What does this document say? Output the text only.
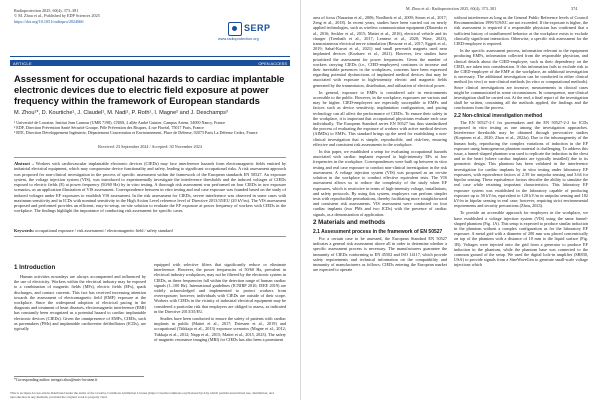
Radioprotection 2025, 60(4), 373–381
© M. Zhou et al., Published by EDP Sciences 2025
https://doi.org/10.1051/radiopro/2024666
SERP
www.radioprotection.org
ARTICLE	OPEN ACCESS
Assessment for occupational hazards to cardiac implantable electronic devices due to electric field exposure at power frequency within the framework of European standards
M. Zhou¹*, D. Kourtiche¹, J. Claudel¹, M. Nadi¹, P. Roth¹, I. Magne² and J. Deschamps³
¹ Université de Lorraine, Institut Jean Lamour (UMR 7198), CNRS, 2 allée André Guinier, Campus Artem, 54000 Nancy, France
² EDF, Direction Prévention Santé Sécurité Groupe, Pôle Prévention des Risques, 4 rue Floréal, 75017 Paris, France
³ RTE, Direction Développement Ingénierie, Département Concertation et Environnement, Place de Défense, 92073 Paris La Défense Cedex, France
Received: 23 September 2024 / Accepted: 30 November 2024
Abstract – Workers with cardiovascular implantable electronic devices (CIEDs) may face interference hazards from electromagnetic fields emitted by industrial electrical equipment, which may compromise device functionality and safety, leading to significant occupational risks. A risk assessment approach was proposed for non-clinical investigation in the process of specific assessment within the framework of the European standards EN 50527. An exposure system, the voltage injection system (VIS), was introduced to experimentally investigate the interference thresholds and the induced voltages of CIEDs exposed to electric fields (E) at power frequency (50/60 Hz) by in vitro testing. A thorough risk assessment was performed on four CIEDs in two exposure scenarios, as an application illustration of VIS assessment. Correspondence between in vitro testing and real case exposure was founded based on the study of induced voltages under EF exposures to establish VIS assessment. In the risk assessment for CIEDs, severe interference was observed in some cases with maximum sensitivity and in ICDs with nominal sensitivity in the High Action Level reference level of Directive 2013/35/EU (20 kV/m). The VIS assessment proposed and performed provides an efficient, easy-to-setup, on-site solution to evaluate the EF exposure at power frequency of workers with CIEDs in the workplace. The findings highlight the importance of conducting risk assessment for specific cases.
Keywords: occupational exposure / risk assessment / electromagnetic field / safety standard
1 Introduction

Human activities nowadays are always accompanied and influenced by the use of electricity. Workers within the electrical industry may be exposed to a combination of magnetic fields (MFs), electric fields (EFs), spark discharges, and contact currents. This fact has received increasing attention towards the assessment of electromagnetic field (EMF) exposure at the workplace. Since the widespread adoption of electrical pacing in the diagnosis and treatment of heart diseases, electromagnetic interference (EMI) has constantly been recognized as a potential hazard to cardiac implantable electronic devices (CIEDs). Given the omnipresence of EMFs, CIEDs, such as pacemakers (PMs) and implantable cardioverter defibrillators (ICDs), are typically

equipped with selective filters that significantly reduce or eliminate interference. However, the power frequencies of 50/60 Hz, prevalent in electrical industry workplaces, may not be filtered by the electronic system in CIEDs, as these frequencies fall within the detection range of human cardiac signals (1–100 Hz). International guidelines (ICNIRP 2010; IEEE 2019) are widely acknowledged and implemented to protect workers from overexposure; however, individuals with CIEDs are outside of their scope. Workers with CIEDs in the vicinity of industrial electrical equipment may be considered a particular risk that employers are obliged to assess, as indicated in the Directive 2013/35/EU.

Studies have been conducted to ensure the safety of patients with cardiac implants in public (Mattei et al., 2017; Driessen et al., 2019) and occupational (Tiikkaja et al., 2013) exposure scenarios (Magne et al., 2012; Tiikkaja et al., 2012; Napp et al., 2015; Mattei et al., 2015, 2023). The safety of magnetic resonance imaging (MRI) for CIEDs has also been a prominent

*Corresponding author: mengxi.zhou@univ-lorraine.fr
This is an Open Access article distributed under the terms of the Creative Commons Attribution License (https://creativecommons.org/licenses/by/4.0), which permits unrestricted use, distribution, and reproduction in any medium, provided the original work is properly cited.
M. Zhou et al.: Radioprotection 2025, 60(4), 373–381	374

area of focus (Nazarian et al., 2006; Nordbeck et al., 2009; Strom et al., 2017; Zeng et al., 2018). In recent years, studies have been carried out on newly applied technologies, such as wireless communication equipment (Dlasenko et al., 2016; Seckler et al., 2015; Mattei et al., 2016), electrical vehicle and its charger (Trenbath et al., 2017; Lennerz et al., 2020; Wase, 2023), transcutaneous electrical nerve stimulation (Bessone et al., 2017; Eggett et al., 2019; Sahaf-Karuri et al., 2021) and small pen-earth magnets used near implanted devices (Kozhaev et al., 2021). However, few studies have prioritized the assessment for power frequencies. Given the number of workers carrying CIEDs (i.e., CIED-employees) continues to increase and their inevitable presences in the workplaces, concerns have been expressed regarding potential dysfunctions of implanted medical devices that may be associated with exposure to high-intensity electric and magnetic fields generated by the transmission, distribution, and utilization of electrical power.

In general, exposure to EMFs is considered safe in environments accessible to the public. However, in the workplace, exposures are various and may be higher. CIED-employees are especially susceptible to EMFs and factors such as device sensitivity, implantation configuration, and pacing technology can all affect the performance of CIEDs. To ensure their safety in the workplace, it is important that occupational physicians evaluate each case individually. The European Standard series EN 50527 has thus standardized the process of evaluating the exposure of workers with active medical devices (AIMDs) to EMFs. This standard brings up the need for establishing a non-clinical investigation that is simple, reproducible, and risk-free, ensuring effective and consistent risk assessments in the workplace.

In this paper, we established a setup for evaluating occupational hazards associated with cardiac implants exposed to high-intensity EFs at low frequencies in the workplace. Correspondences were built up between in vitro testing and real case exposure to conduct non-clinical investigation in the risk assessment. A voltage injection system (VIS) was proposed as an on-site solution in the workplace to conduct effective equivalent tests. The VIS assessment allows us to reduce the complexity of the study when EF exposures, which is restrictive in terms of high-intensity voltage, installations, and safety protocols. By using this system, employers can perform simpler tests with reproducible perturbations, thereby facilitating more straightforward and consistent risk assessments. VIS assessment were conducted on four cardiac implants (two PMs and two ICDs) with the presence of cardiac signals, as a demonstration of application.

2 Materials and methods
2.1 Assessment process in the framework of EN 50527

For a certain case to be assessed, the European Standard EN 50527 indicates a general risk assessment above all in order to determine whether a specific assessment process is necessary. The manufacturers guarantee the immunity of CIEDs conforming to EN 45502 and ISO 14117, which provide safety requirements and technical information on the compatibility and immunity of manufacturers as follows: CIEDs entering the European market are expected to operate

without interference as long as the General Public Reference levels of Council Recommendation 1999/519/EC are not exceeded. If the exposure is higher, the risk assessment is required if a responsible physician has confirmed that a sufficient history of uninfluenced behavior at the workplace exists to exclude clinically significant interaction. Otherwise, a specific risk assessment for the CIED-employee is required.

In the specific assessment process, information relevant to the equipment producing EMFs, information collected from the responsible physician, and clinical details about the CIED-employee, such as their dependency on the CIED, are taken into consideration. If this information fails to exclude risk to the CIED-employee of the EMF at the workplace, an additional investigation is necessary. The additional investigation can be conducted in either clinical method (in vivo) or non-clinical methods (in vitro or computational methods). Since clinical investigations are invasive, measurements in clinical cases might be communicated in some circumstances. In consequence, non-clinical investigation shall be carried out. At the end, a final report of the investigation shall be written, containing all the methods applied, the findings and the conclusions from the process.

2.2 Non-clinical investigation method

The EN 50527-2-1 for pacemakers and the EN 50527-2-2 for ICDs proposed in vitro testing as one among the investigation approaches. Interference thresholds may be obtained through provocative studies (Korpinen et al., 2020; Zhou et al., 2022a). Due to the inhomogeneity of the human body, reproducing the complex variations of induction in the EF exposure using homogeneous phantom material is challenging. To address this issue, a funnel-shaped phantom was used to replicate the induction in the chest and in the heart (where cardiac implants are typically installed) due to its geometric design. This phantom has been validated in the interference investigation for cardiac implants by in vitro testing under laboratory EF exposures, with equivalence factors of 2.39 for unipolar sensing and 3.64 for bipolar sensing. These equivalence factors describe the ability to simulate the real case while retaining important characteristics. This laboratory EF exposure system was established in the laboratory capable of producing exposure up to 50 kV/m, equivalent to 120 kV/m in unipolar sensing and 182 kV/m in bipolar sensing in real case; however, requiring strict environmental requirements and security precautions (Zhou, 2023).

To provide an accessible approach for employers in the workplace, we have established a voltage injection system (VIS) using the same funnel-shaped phantom (Fig. 1A). This setup is expected to produce similar induction in the phantom without a complex configuration as for the laboratory EF exposure. A metal grid with a diameter of 200 mm was placed concentrically on top of the phantom with a distance of 10 mm to the liquid surface (Fig. 1B). Voltages were injected onto the grid from a generator to produce EF induction in the phantom, while the phantom base was connected to the common ground of the setup. We used the digital lock-in amplifier (SR830, USA) to provide signals from a SineWaveGen to generate small-scale voltage injections which
